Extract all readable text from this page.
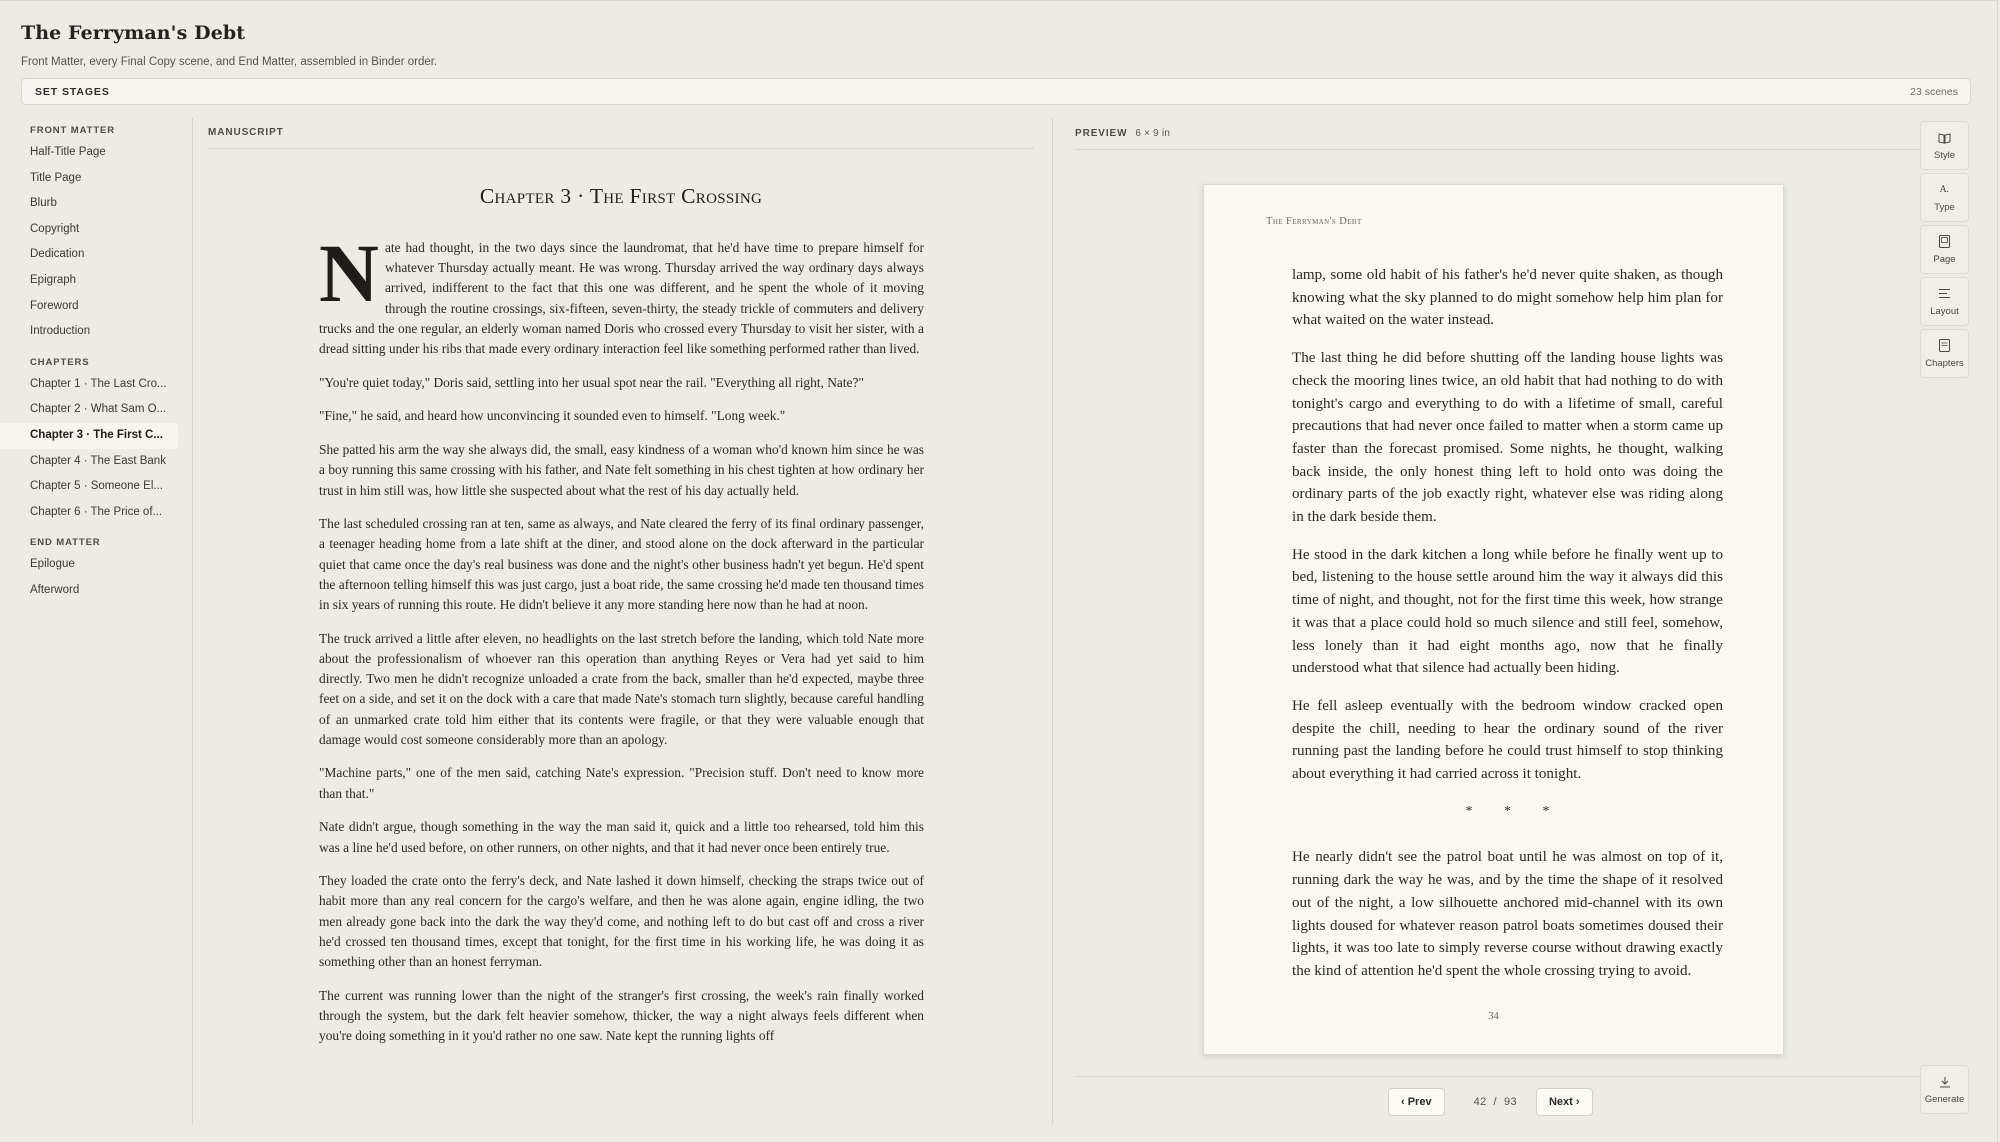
The Ferryman's Debt
Front Matter, every Final Copy scene, and End Matter, assembled in Binder order.
SET STAGES	23 scenes
FRONT MATTER
Half-Title Page
Title Page
Blurb
Copyright
Dedication
Epigraph
Foreword
Introduction
CHAPTERS
Chapter 1 · The Last Cro...
Chapter 2 · What Sam O...
Chapter 3 · The First C...
Chapter 4 · The East Bank
Chapter 5 · Someone El...
Chapter 6 · The Price of...
END MATTER
Epilogue
Afterword
MANUSCRIPT
Chapter 3 · The First Crossing

Nate had thought, in the two days since the laundromat, that he'd have time to prepare himself for whatever Thursday actually meant. He was wrong. Thursday arrived the way ordinary days always arrived, indifferent to the fact that this one was different, and he spent the whole of it moving through the routine crossings, six-fifteen, seven-thirty, the steady trickle of commuters and delivery trucks and the one regular, an elderly woman named Doris who crossed every Thursday to visit her sister, with a dread sitting under his ribs that made every ordinary interaction feel like something performed rather than lived.

"You're quiet today," Doris said, settling into her usual spot near the rail. "Everything all right, Nate?"

"Fine," he said, and heard how unconvincing it sounded even to himself. "Long week."

She patted his arm the way she always did, the small, easy kindness of a woman who'd known him since he was a boy running this same crossing with his father, and Nate felt something in his chest tighten at how ordinary her trust in him still was, how little she suspected about what the rest of his day actually held.

The last scheduled crossing ran at ten, same as always, and Nate cleared the ferry of its final ordinary passenger, a teenager heading home from a late shift at the diner, and stood alone on the dock afterward in the particular quiet that came once the day's real business was done and the night's other business hadn't yet begun. He'd spent the afternoon telling himself this was just cargo, just a boat ride, the same crossing he'd made ten thousand times in six years of running this route. He didn't believe it any more standing here now than he had at noon.

The truck arrived a little after eleven, no headlights on the last stretch before the landing, which told Nate more about the professionalism of whoever ran this operation than anything Reyes or Vera had yet said to him directly. Two men he didn't recognize unloaded a crate from the back, smaller than he'd expected, maybe three feet on a side, and set it on the dock with a care that made Nate's stomach turn slightly, because careful handling of an unmarked crate told him either that its contents were fragile, or that they were valuable enough that damage would cost someone considerably more than an apology.

"Machine parts," one of the men said, catching Nate's expression. "Precision stuff. Don't need to know more than that."

Nate didn't argue, though something in the way the man said it, quick and a little too rehearsed, told him this was a line he'd used before, on other runners, on other nights, and that it had never once been entirely true.

They loaded the crate onto the ferry's deck, and Nate lashed it down himself, checking the straps twice out of habit more than any real concern for the cargo's welfare, and then he was alone again, engine idling, the two men already gone back into the dark the way they'd come, and nothing left to do but cast off and cross a river he'd crossed ten thousand times, except that tonight, for the first time in his working life, he was doing it as something other than an honest ferryman.

The current was running lower than the night of the stranger's first crossing, the week's rain finally worked through the system, but the dark felt heavier somehow, thicker, the way a night always feels different when you're doing something in it you'd rather no one saw. Nate kept the running lights off

PREVIEW 6 × 9 in
The Ferryman's Debt

lamp, some old habit of his father's he'd never quite shaken, as though knowing what the sky planned to do might somehow help him plan for what waited on the water instead.

The last thing he did before shutting off the landing house lights was check the mooring lines twice, an old habit that had nothing to do with tonight's cargo and everything to do with a lifetime of small, careful precautions that had never once failed to matter when a storm came up faster than the forecast promised. Some nights, he thought, walking back inside, the only honest thing left to hold onto was doing the ordinary parts of the job exactly right, whatever else was riding along in the dark beside them.

He stood in the dark kitchen a long while before he finally went up to bed, listening to the house settle around him the way it always did this time of night, and thought, not for the first time this week, how strange it was that a place could hold so much silence and still feel, somehow, less lonely than it had eight months ago, now that he finally understood what that silence had actually been hiding.

He fell asleep eventually with the bedroom window cracked open despite the chill, needing to hear the ordinary sound of the river running past the landing before he could trust himself to stop thinking about everything it had carried across it tonight.

* * *

He nearly didn't see the patrol boat until he was almost on top of it, running dark the way he was, and by the time the shape of it resolved out of the night, a low silhouette anchored mid-channel with its own lights doused for whatever reason patrol boats sometimes doused their lights, it was too late to simply reverse course without drawing exactly the kind of attention he'd spent the whole crossing trying to avoid.

34
‹ Prev	42 / 93	Next ›
Style
A.
Type
Page
Layout
Chapters
Generate
